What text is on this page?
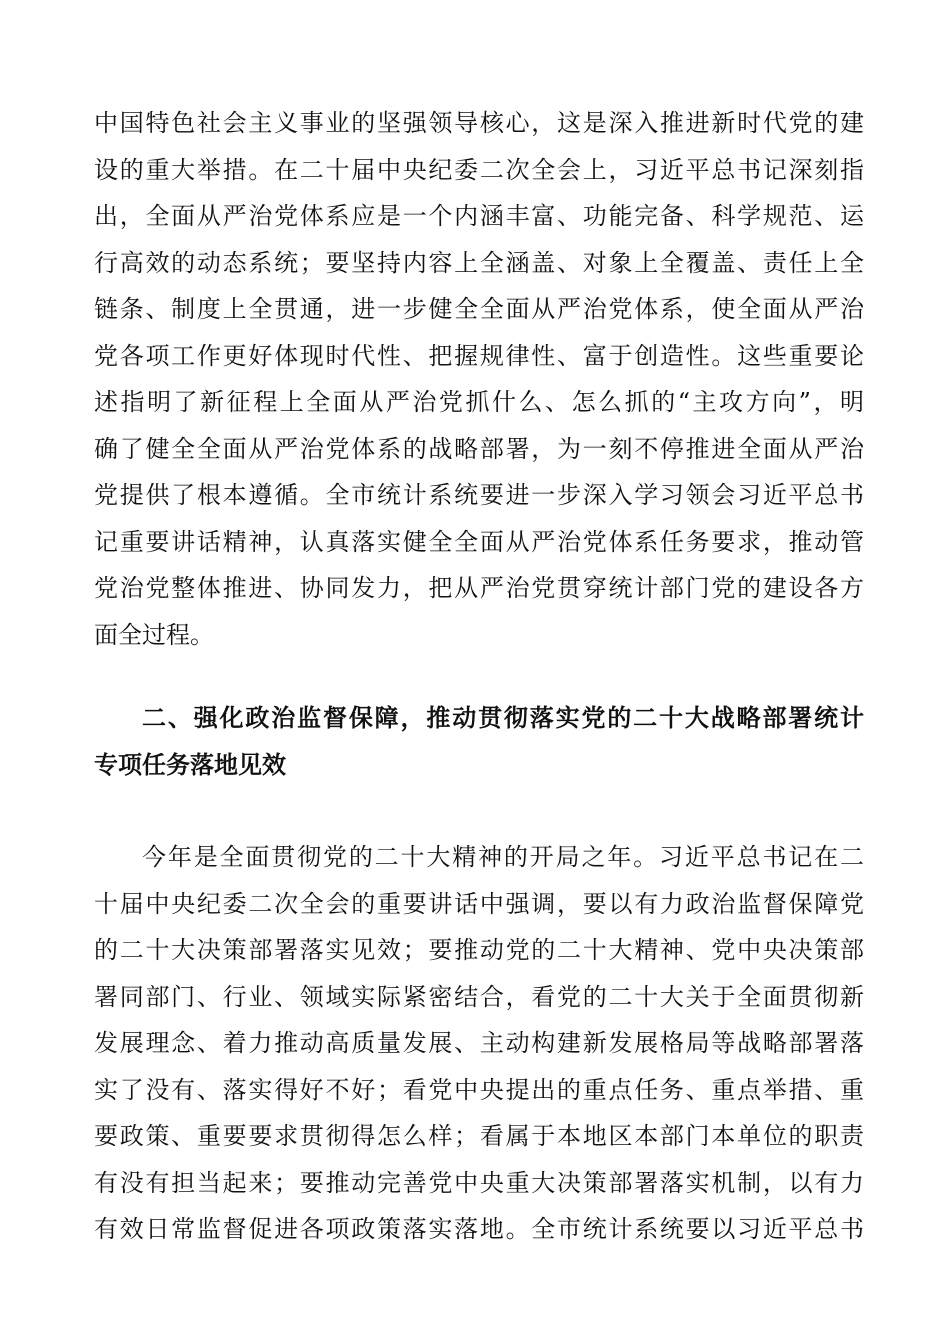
中国特色社会主义事业的坚强领导核心，这是深入推进新时代党的建
设的重大举措。在二十届中央纪委二次全会上，习近平总书记深刻指
出，全面从严治党体系应是一个内涵丰富、功能完备、科学规范、运
行高效的动态系统；要坚持内容上全涵盖、对象上全覆盖、责任上全
链条、制度上全贯通，进一步健全全面从严治党体系，使全面从严治
党各项工作更好体现时代性、把握规律性、富于创造性。这些重要论
述指明了新征程上全面从严治党抓什么、怎么抓的“主攻方向”，明
确了健全全面从严治党体系的战略部署，为一刻不停推进全面从严治
党提供了根本遵循。全市统计系统要进一步深入学习领会习近平总书
记重要讲话精神，认真落实健全全面从严治党体系任务要求，推动管
党治党整体推进、协同发力，把从严治党贯穿统计部门党的建设各方
面全过程。
二、强化政治监督保障，推动贯彻落实党的二十大战略部署统计
专项任务落地见效
今年是全面贯彻党的二十大精神的开局之年。习近平总书记在二
十届中央纪委二次全会的重要讲话中强调，要以有力政治监督保障党
的二十大决策部署落实见效；要推动党的二十大精神、党中央决策部
署同部门、行业、领域实际紧密结合，看党的二十大关于全面贯彻新
发展理念、着力推动高质量发展、主动构建新发展格局等战略部署落
实了没有、落实得好不好；看党中央提出的重点任务、重点举措、重
要政策、重要要求贯彻得怎么样；看属于本地区本部门本单位的职责
有没有担当起来；要推动完善党中央重大决策部署落实机制，以有力
有效日常监督促进各项政策落实落地。全市统计系统要以习近平总书
